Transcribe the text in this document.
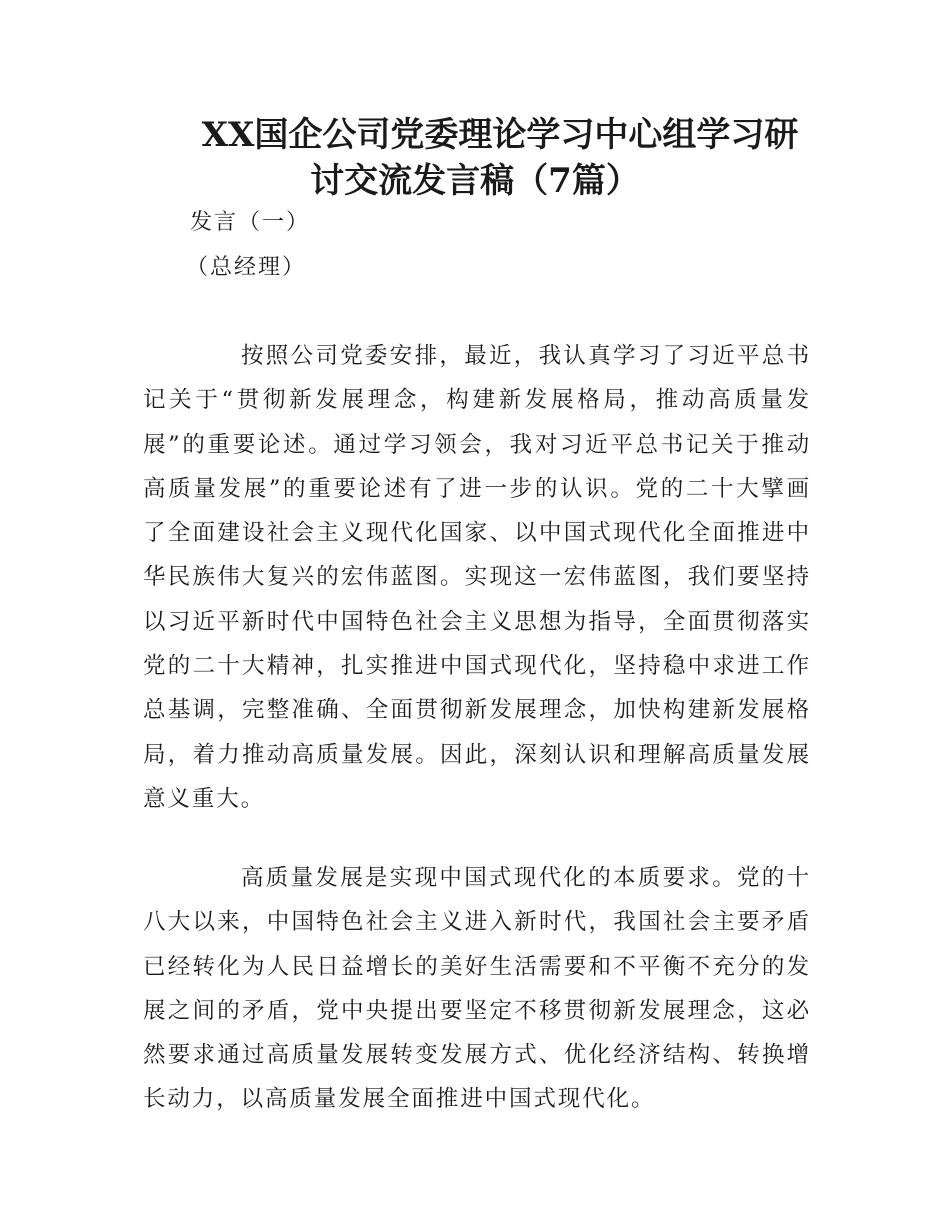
XX国企公司党委理论学习中心组学习研
讨交流发言稿（7篇）
发言（一）
（总经理）

按照公司党委安排，最近，我认真学习了习近平总书记关于“贯彻新发展理念，构建新发展格局，推动高质量发展”的重要论述。通过学习领会，我对习近平总书记关于推动高质量发展”的重要论述有了进一步的认识。党的二十大擘画了全面建设社会主义现代化国家、以中国式现代化全面推进中华民族伟大复兴的宏伟蓝图。实现这一宏伟蓝图，我们要坚持以习近平新时代中国特色社会主义思想为指导，全面贯彻落实党的二十大精神，扎实推进中国式现代化，坚持稳中求进工作总基调，完整准确、全面贯彻新发展理念，加快构建新发展格局，着力推动高质量发展。因此，深刻认识和理解高质量发展意义重大。

高质量发展是实现中国式现代化的本质要求。党的十八大以来，中国特色社会主义进入新时代，我国社会主要矛盾已经转化为人民日益增长的美好生活需要和不平衡不充分的发展之间的矛盾，党中央提出要坚定不移贯彻新发展理念，这必然要求通过高质量发展转变发展方式、优化经济结构、转换增长动力，以高质量发展全面推进中国式现代化。
